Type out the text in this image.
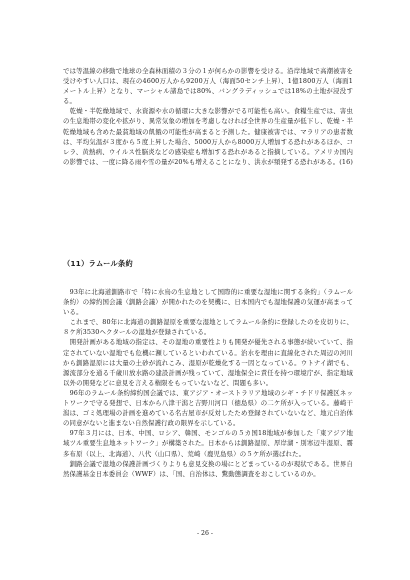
では等温線の移動で地球の全森林面積の３分の１が何らかの影響を受ける。沿岸地域で高潮被害を受けやすい人口は、現在の4600万人から9200万人（海面50センチ上昇）、1億1800万人（海面1メートル上昇）となり、マーシャル諸島では80%、バングラディッシュでは18%の土地が浸没する。

　乾燥・半乾燥地域で、水資源や水の循環に大きな影響がでる可能性も高い。食糧生産では、害虫の生息地帯の変化や拡がり、異常気象の増加を考慮しなければ全世界の生産量が低下し、乾燥・半乾燥地域も含めた最貧地域の飢餓の可能性が高まると予測した。健康被害では、マラリアの患者数は、平均気温が３度から５度上昇した場合、5000万人から8000万人増加する恐れがあるほか、コレラ、黄熱病、ウイルス性脳炎などの感染症も増加する恐れがあると指摘している。アメリカ国内の影響では、一度に降る雨や雪の量が20%も増えることになり、洪水が頻発する恐れがある。(16)

（11）ラムール条約

　93年に北海道釧路市で「特に水鳥の生息地として国際的に重要な湿地に関する条約」（ラムール条約）の締約国会議（釧路会議）が開かれたのを契機に、日本国内でも湿地保護の気運が高まっている。

　これまで、80年に北海道の釧路湿原を重要な湿地としてラムール条約に登録したのを皮切りに、８ケ所3530ヘクタールの湿地が登録されている。

　開発計画がある地域の指定は、その湿地の重要性よりも開発が優先される事態が続いていて、指定されていない湿地でも危機に瀕しているといわれている。治水を理由に直線化された周辺の河川から釧路湿原には大量の土砂が流れこみ、湿原が乾燥化する一因となっている。ウトナイ湖でも、源流部分を通る千歳川放水路の建設計画が残っていて、湿地保全に責任を持つ環境庁が、指定地域以外の開発などに意見を言える権限をもっていないなど、問題も多い。

　96年のラムール条約締約国会議では、東アジア・オーストラリア地域のシギ・チドリ保護区ネットワークで守る発想で、日本から八津干潟と吉野川河口（徳島県）の二ケ所が入っている。藤崎干潟は、ゴミ処理場の計画を進めている名古屋市が反対したため登録されていないなど、地元自治体の同意がないと進まない自然保護行政の限界を示している。

　97年３月には、日本、中国、ロシア、韓国、モンゴルの５カ国18地域が参加した「東アジア地域ツル重要生息地ネットワーク」が構築された。日本からは釧路湿原、厚岸湖・別寒辺牛湿原、霧多布原（以上、北海道）、八代（山口県）、荒崎（鹿児島県）の５ケ所が選ばれた。

　釧路会議で湿地の保護計画づくりよりも意見交換の場にとどまっているのが現状である。世界自然保護基金日本委員会（WWF）は、「国、自治体は、驚動態調査をおこしているのか。

- 26 -
